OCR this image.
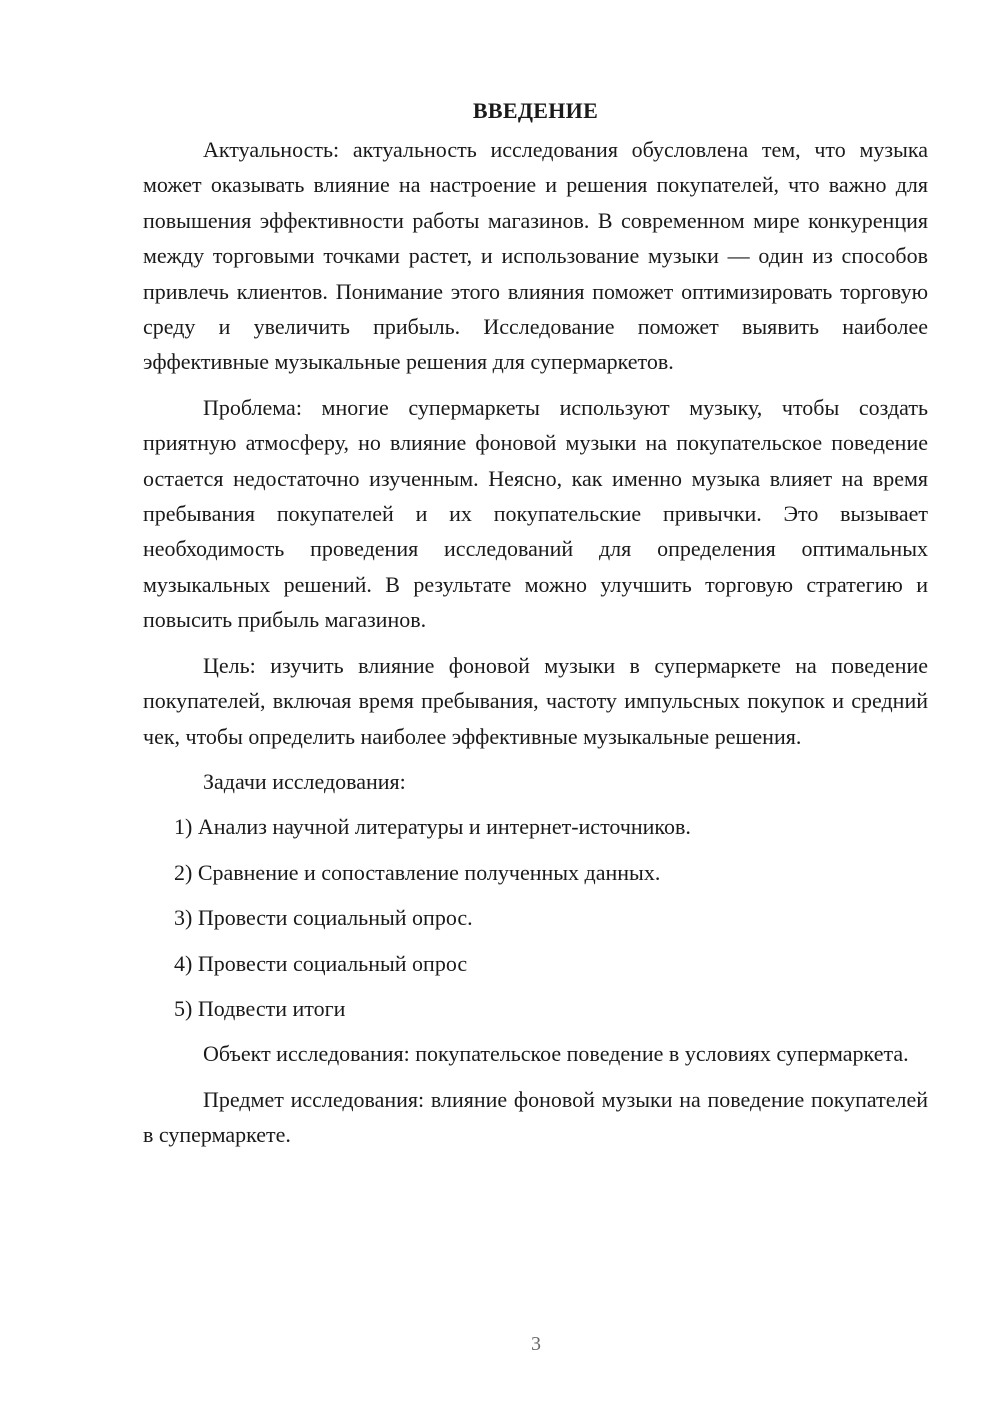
ВВЕДЕНИЕ

Актуальность: актуальность исследования обусловлена тем, что музыка может оказывать влияние на настроение и решения покупателей, что важно для повышения эффективности работы магазинов. В современном мире конкуренция между торговыми точками растет, и использование музыки — один из способов привлечь клиентов. Понимание этого влияния поможет оптимизировать торговую среду и увеличить прибыль. Исследование поможет выявить наиболее эффективные музыкальные решения для супермаркетов.

Проблема: многие супермаркеты используют музыку, чтобы создать приятную атмосферу, но влияние фоновой музыки на покупательское поведение остается недостаточно изученным. Неясно, как именно музыка влияет на время пребывания покупателей и их покупательские привычки. Это вызывает необходимость проведения исследований для определения оптимальных музыкальных решений. В результате можно улучшить торговую стратегию и повысить прибыль магазинов.

Цель: изучить влияние фоновой музыки в супермаркете на поведение покупателей, включая время пребывания, частоту импульсных покупок и средний чек, чтобы определить наиболее эффективные музыкальные решения.

Задачи исследования:

1) Анализ научной литературы и интернет-источников.
2) Сравнение и сопоставление полученных данных.
3) Провести социальный опрос.
4) Провести социальный опрос
5) Подвести итоги

Объект исследования: покупательское поведение в условиях супермаркета.

Предмет исследования: влияние фоновой музыки на поведение покупателей в супермаркете.

3
